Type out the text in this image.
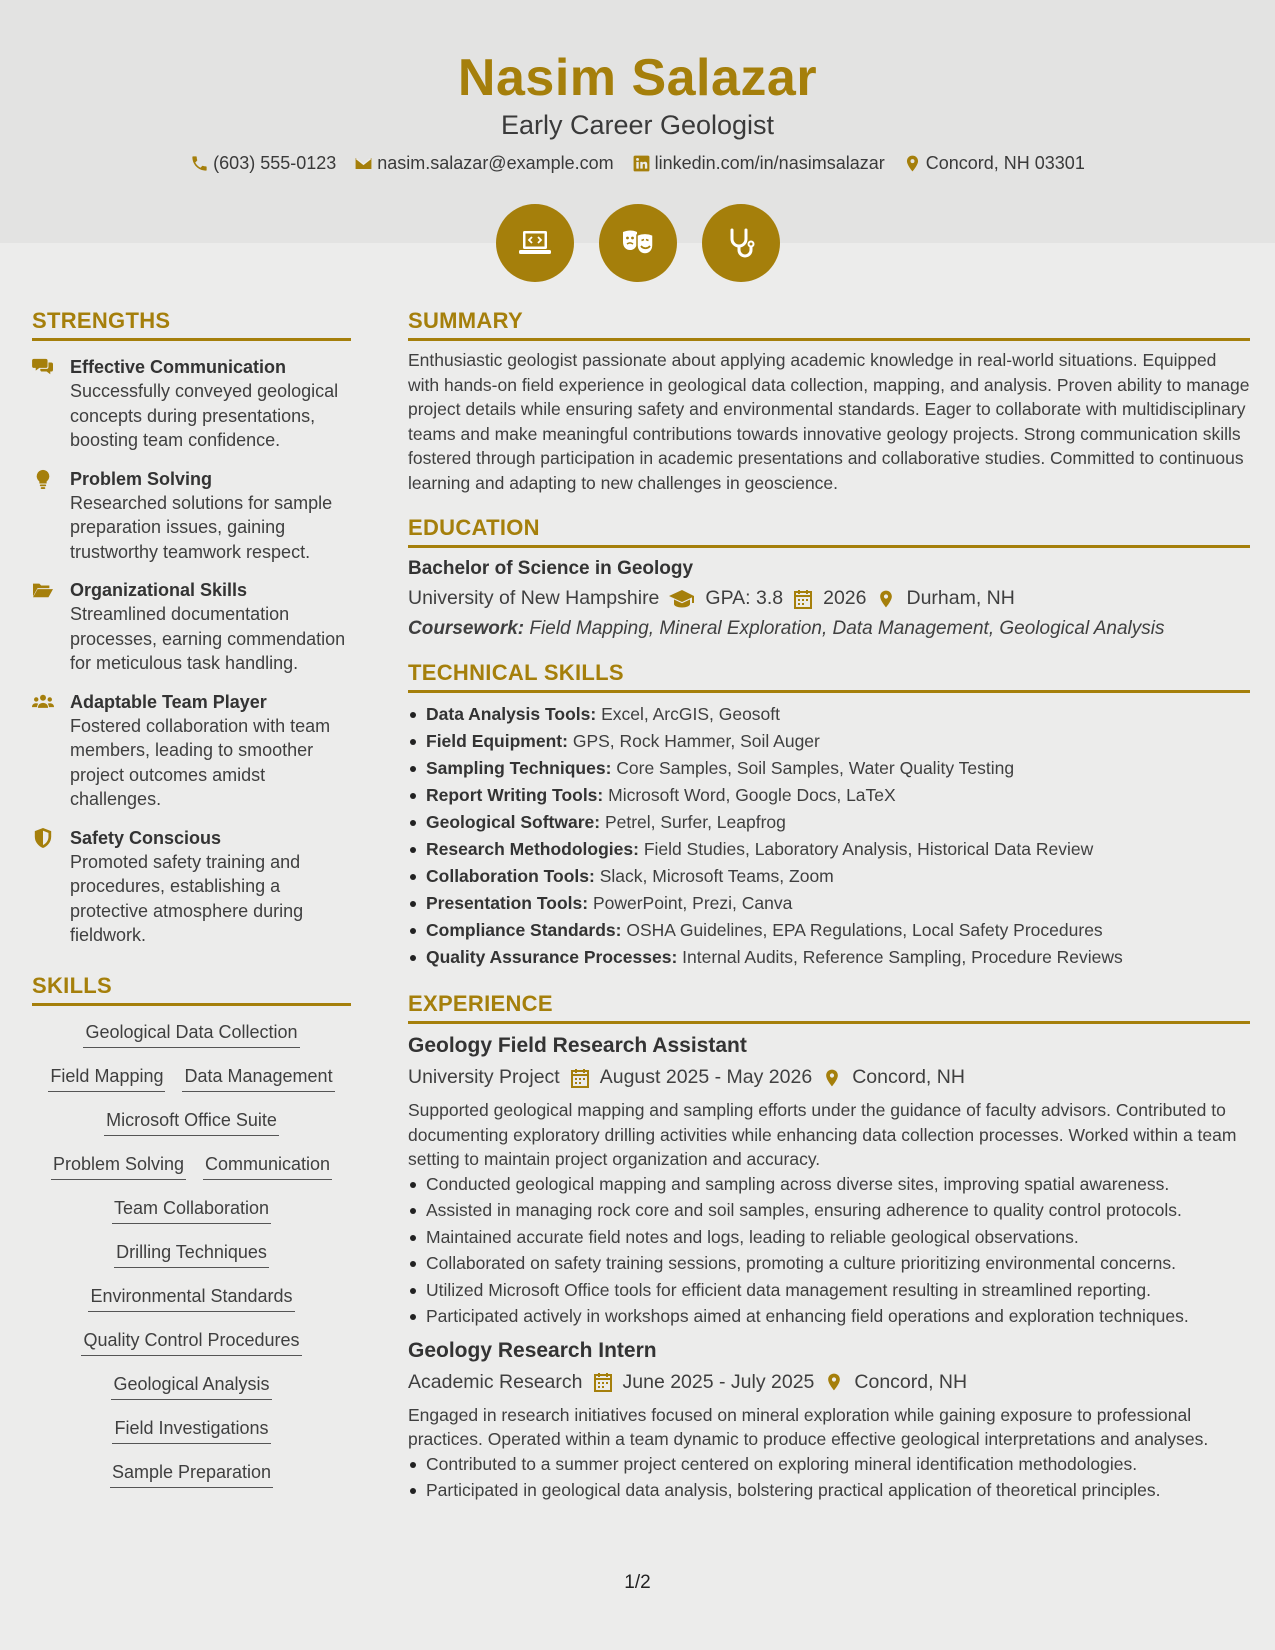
Nasim Salazar
Early Career Geologist
(603) 555-0123 nasim.salazar@example.com linkedin.com/in/nasimsalazar Concord, NH 03301
STRENGTHS
Effective Communication
Successfully conveyed geological concepts during presentations, boosting team confidence.
Problem Solving
Researched solutions for sample preparation issues, gaining trustworthy teamwork respect.
Organizational Skills
Streamlined documentation processes, earning commendation for meticulous task handling.
Adaptable Team Player
Fostered collaboration with team members, leading to smoother project outcomes amidst challenges.
Safety Conscious
Promoted safety training and procedures, establishing a protective atmosphere during fieldwork.
SKILLS
Geological Data Collection
Field Mapping Data Management
Microsoft Office Suite
Problem Solving Communication
Team Collaboration
Drilling Techniques
Environmental Standards
Quality Control Procedures
Geological Analysis
Field Investigations
Sample Preparation
SUMMARY
Enthusiastic geologist passionate about applying academic knowledge in real-world situations. Equipped with hands-on field experience in geological data collection, mapping, and analysis. Proven ability to manage project details while ensuring safety and environmental standards. Eager to collaborate with multidisciplinary teams and make meaningful contributions towards innovative geology projects. Strong communication skills fostered through participation in academic presentations and collaborative studies. Committed to continuous learning and adapting to new challenges in geoscience.
EDUCATION
Bachelor of Science in Geology
University of New Hampshire GPA: 3.8 2026 Durham, NH
Coursework: Field Mapping, Mineral Exploration, Data Management, Geological Analysis
TECHNICAL SKILLS
Data Analysis Tools: Excel, ArcGIS, Geosoft
Field Equipment: GPS, Rock Hammer, Soil Auger
Sampling Techniques: Core Samples, Soil Samples, Water Quality Testing
Report Writing Tools: Microsoft Word, Google Docs, LaTeX
Geological Software: Petrel, Surfer, Leapfrog
Research Methodologies: Field Studies, Laboratory Analysis, Historical Data Review
Collaboration Tools: Slack, Microsoft Teams, Zoom
Presentation Tools: PowerPoint, Prezi, Canva
Compliance Standards: OSHA Guidelines, EPA Regulations, Local Safety Procedures
Quality Assurance Processes: Internal Audits, Reference Sampling, Procedure Reviews
EXPERIENCE
Geology Field Research Assistant
University Project August 2025 - May 2026 Concord, NH
Supported geological mapping and sampling efforts under the guidance of faculty advisors. Contributed to documenting exploratory drilling activities while enhancing data collection processes. Worked within a team setting to maintain project organization and accuracy.
Conducted geological mapping and sampling across diverse sites, improving spatial awareness.
Assisted in managing rock core and soil samples, ensuring adherence to quality control protocols.
Maintained accurate field notes and logs, leading to reliable geological observations.
Collaborated on safety training sessions, promoting a culture prioritizing environmental concerns.
Utilized Microsoft Office tools for efficient data management resulting in streamlined reporting.
Participated actively in workshops aimed at enhancing field operations and exploration techniques.
Geology Research Intern
Academic Research June 2025 - July 2025 Concord, NH
Engaged in research initiatives focused on mineral exploration while gaining exposure to professional practices. Operated within a team dynamic to produce effective geological interpretations and analyses.
Contributed to a summer project centered on exploring mineral identification methodologies.
Participated in geological data analysis, bolstering practical application of theoretical principles.
1/2
